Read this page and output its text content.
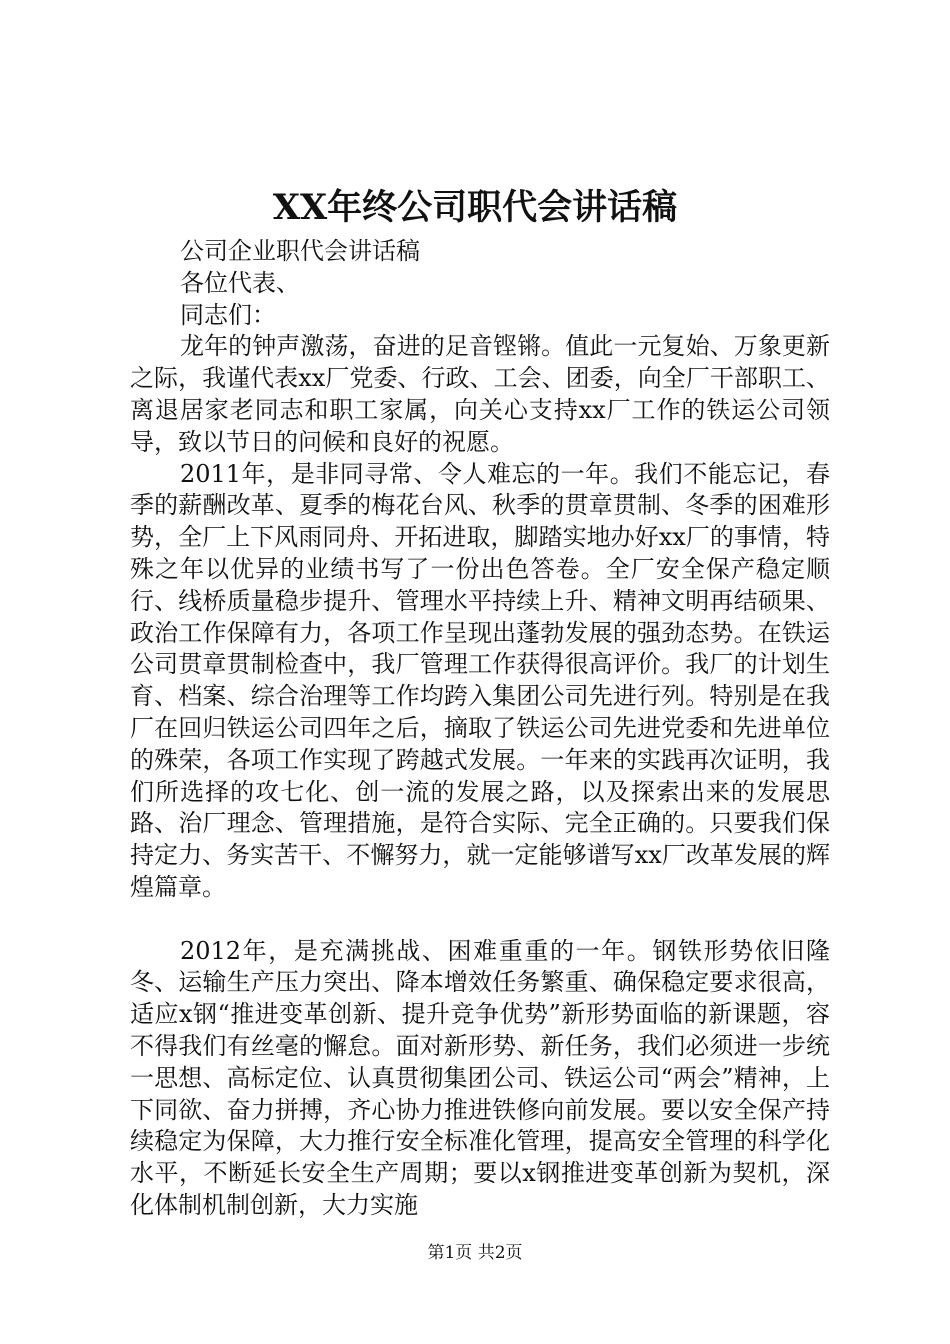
XX年终公司职代会讲话稿
公司企业职代会讲话稿
各位代表、
同志们：

龙年的钟声激荡，奋进的足音铿锵。值此一元复始、万象更新之际，我谨代表xx厂党委、行政、工会、团委，向全厂干部职工、离退居家老同志和职工家属，向关心支持xx厂工作的铁运公司领导，致以节日的问候和良好的祝愿。

2011年，是非同寻常、令人难忘的一年。我们不能忘记，春季的薪酬改革、夏季的梅花台风、秋季的贯章贯制、冬季的困难形势，全厂上下风雨同舟、开拓进取，脚踏实地办好xx厂的事情，特殊之年以优异的业绩书写了一份出色答卷。全厂安全保产稳定顺行、线桥质量稳步提升、管理水平持续上升、精神文明再结硕果、政治工作保障有力，各项工作呈现出蓬勃发展的强劲态势。在铁运公司贯章贯制检查中，我厂管理工作获得很高评价。我厂的计划生育、档案、综合治理等工作均跨入集团公司先进行列。特别是在我厂在回归铁运公司四年之后，摘取了铁运公司先进党委和先进单位的殊荣，各项工作实现了跨越式发展。一年来的实践再次证明，我们所选择的攻七化、创一流的发展之路，以及探索出来的发展思路、治厂理念、管理措施，是符合实际、完全正确的。只要我们保持定力、务实苦干、不懈努力，就一定能够谱写xx厂改革发展的辉煌篇章。

2012年，是充满挑战、困难重重的一年。钢铁形势依旧隆冬、运输生产压力突出、降本增效任务繁重、确保稳定要求很高，适应x钢“推进变革创新、提升竞争优势”新形势面临的新课题，容不得我们有丝毫的懈怠。面对新形势、新任务，我们必须进一步统一思想、高标定位、认真贯彻集团公司、铁运公司“两会”精神，上下同欲、奋力拼搏，齐心协力推进铁修向前发展。要以安全保产持续稳定为保障，大力推行安全标准化管理，提高安全管理的科学化水平，不断延长安全生产周期；要以x钢推进变革创新为契机，深化体制机制创新，大力实施

第1页 共2页
